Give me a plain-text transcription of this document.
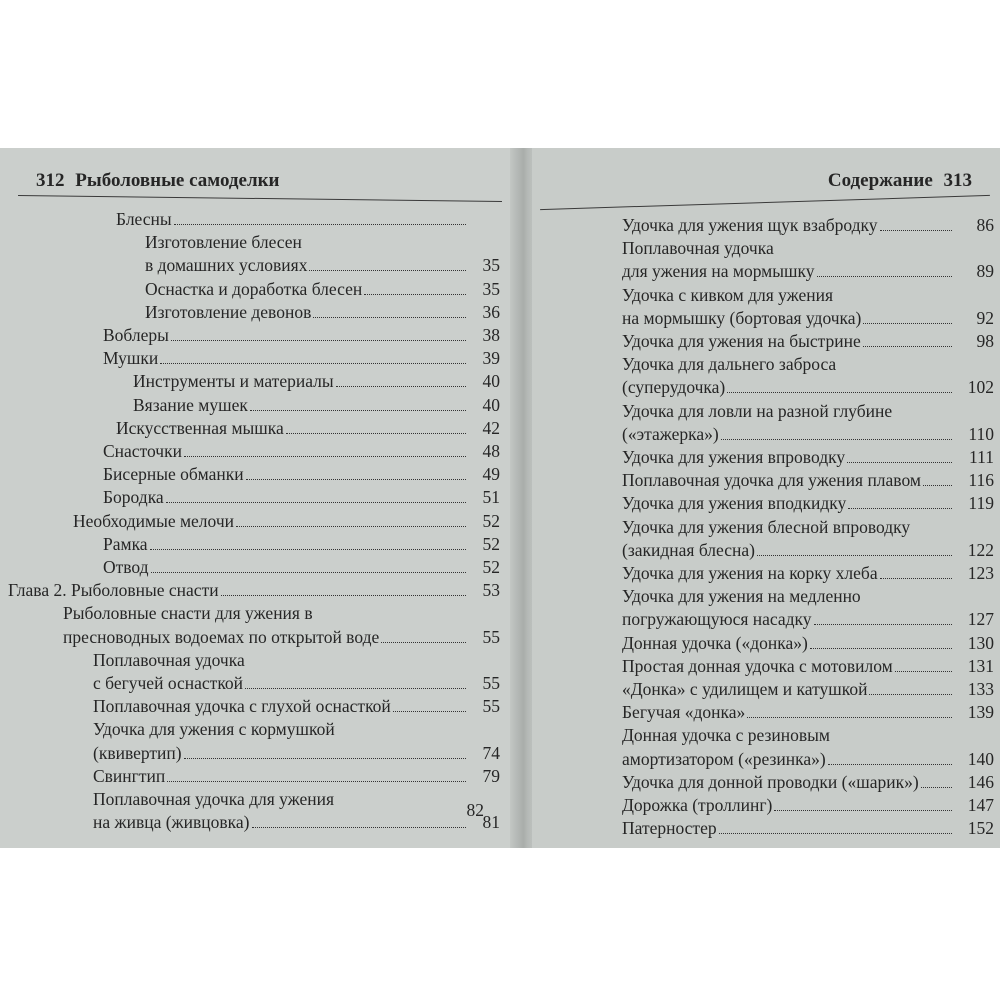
312 Рыболовные самоделки
Блесны
Изготовление блесен
в домашних условиях	35
Оснастка и доработка блесен	35
Изготовление девонов	36
Воблеры	38
Мушки	39
Инструменты и материалы	40
Вязание мушек	40
Искусственная мышка	42
Снасточки	48
Бисерные обманки	49
Бородка	51
Необходимые мелочи	52
Рамка	52
Отвод	52
Глава 2. Рыболовные снасти	53
Рыболовные снасти для ужения в
пресноводных водоемах по открытой воде	55
Поплавочная удочка
с бегучей оснасткой	55
Поплавочная удочка с глухой оснасткой	55
Удочка для ужения с кормушкой
(квивертип)	74
Свингтип	79
Поплавочная удочка для ужения
на живца (живцовка)	81
82
Содержание 313
Удочка для ужения щук взабродку	86
Поплавочная удочка
для ужения на мормышку	89
Удочка с кивком для ужения
на мормышку (бортовая удочка)	92
Удочка для ужения на быстрине	98
Удочка для дальнего заброса
(суперудочка)	102
Удочка для ловли на разной глубине
(«этажерка»)	110
Удочка для ужения впроводку	111
Поплавочная удочка для ужения плавом	116
Удочка для ужения вподкидку	119
Удочка для ужения блесной впроводку
(закидная блесна)	122
Удочка для ужения на корку хлеба	123
Удочка для ужения на медленно
погружающуюся насадку	127
Донная удочка («донка»)	130
Простая донная удочка с мотовилом	131
«Донка» с удилищем и катушкой	133
Бегучая «донка»	139
Донная удочка с резиновым
амортизатором («резинка»)	140
Удочка для донной проводки («шарик»)	146
Дорожка (троллинг)	147
Патерностер	152
